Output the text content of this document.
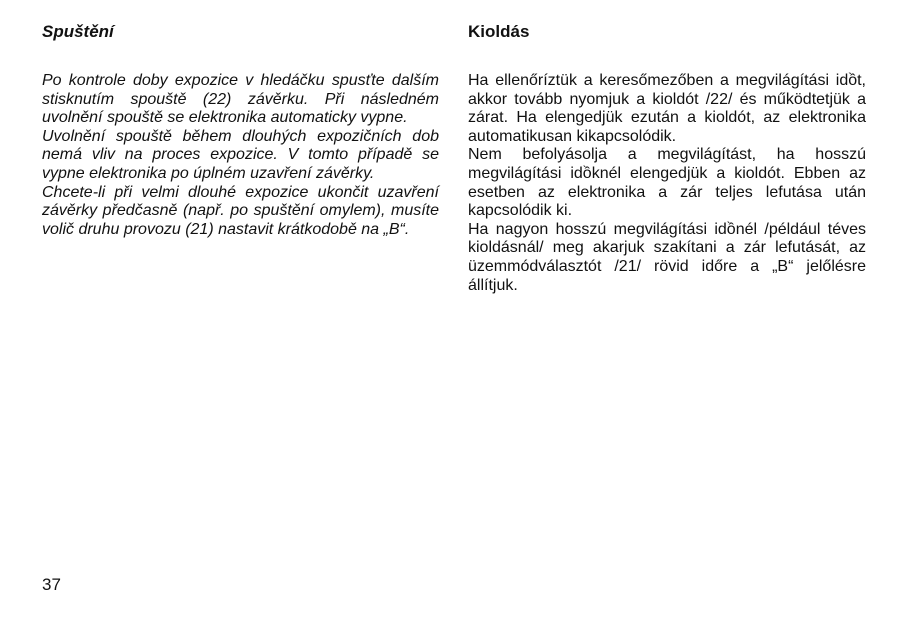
Spuštění

Po kontrole doby expozice v hledáčku spusťte dalším stisknutím spouště (22) závěrku. Při následném uvolnění spouště se elektronika automaticky vypne.

Uvolnění spouště během dlouhých expozičních dob nemá vliv na proces expozice. V tomto případě se vypne elektronika po úplném uzavření závěrky.

Chcete-li při velmi dlouhé expozice ukončit uzavření závěrky předčasně (např. po spuštění omylem), musíte volič druhu provozu (21) nastavit krátkodobě na „B“.

Kioldás

Ha ellenőríztük a keresőmezőben a megvilágítási idồt, akkor tovább nyomjuk a kioldót /22/ és működtetjük a zárat. Ha elengedjük ezután a kioldót, az elektronika automatikusan kikapcsolódik.

Nem befolyásolja a megvilágítást, ha hosszú megvilágítási idồknél elengedjük a kioldót. Ebben az esetben az elektronika a zár teljes lefutása után kapcsolódik ki.

Ha nagyon hosszú megvilágítási idồnél /például téves kioldásnál/ meg akarjuk szakítani a zár lefutását, az üzemmódválasztót /21/ rövid időre a „B“ jelőlésre állítjuk.

37
